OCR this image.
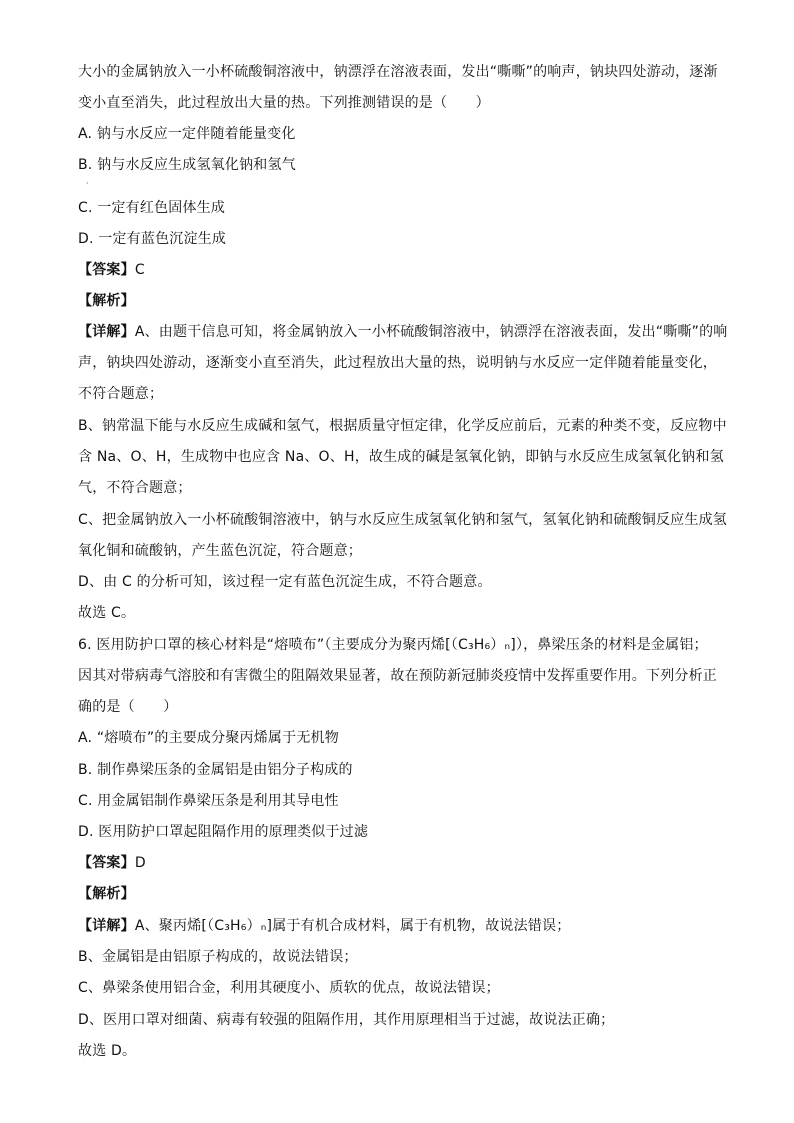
大小的金属钠放入一小杯硫酸铜溶液中，钠漂浮在溶液表面，发出“嘶嘶”的响声，钠块四处游动，逐渐
变小直至消失，此过程放出大量的热。下列推测错误的是（　　）
A. 钠与水反应一定伴随着能量变化
B. 钠与水反应生成氢氧化钠和氢气
·
C. 一定有红色固体生成
D. 一定有蓝色沉淀生成
【答案】C
【解析】
【详解】A、由题干信息可知，将金属钠放入一小杯硫酸铜溶液中，钠漂浮在溶液表面，发出“嘶嘶”的响
声，钠块四处游动，逐渐变小直至消失，此过程放出大量的热，说明钠与水反应一定伴随着能量变化，
不符合题意；
B、钠常温下能与水反应生成碱和氢气，根据质量守恒定律，化学反应前后，元素的种类不变，反应物中
含 Na、O、H，生成物中也应含 Na、O、H，故生成的碱是氢氧化钠，即钠与水反应生成氢氧化钠和氢
气，不符合题意；
C、把金属钠放入一小杯硫酸铜溶液中，钠与水反应生成氢氧化钠和氢气，氢氧化钠和硫酸铜反应生成氢
氧化铜和硫酸钠，产生蓝色沉淀，符合题意；
D、由 C 的分析可知，该过程一定有蓝色沉淀生成，不符合题意。
故选 C。
6. 医用防护口罩的核心材料是“熔喷布”（主要成分为聚丙烯[（C₃H₆）ₙ]），鼻梁压条的材料是金属铝；
因其对带病毒气溶胶和有害微尘的阻隔效果显著，故在预防新冠肺炎疫情中发挥重要作用。下列分析正
确的是（　　）
A. “熔喷布”的主要成分聚丙烯属于无机物
B. 制作鼻梁压条的金属铝是由铝分子构成的
C. 用金属铝制作鼻梁压条是利用其导电性
D. 医用防护口罩起阻隔作用的原理类似于过滤
【答案】D
【解析】
【详解】A、聚丙烯[（C₃H₆）ₙ]属于有机合成材料，属于有机物，故说法错误；
B、金属铝是由铝原子构成的，故说法错误；
C、鼻梁条使用铝合金，利用其硬度小、质软的优点，故说法错误；
D、医用口罩对细菌、病毒有较强的阻隔作用，其作用原理相当于过滤，故说法正确；
故选 D。
